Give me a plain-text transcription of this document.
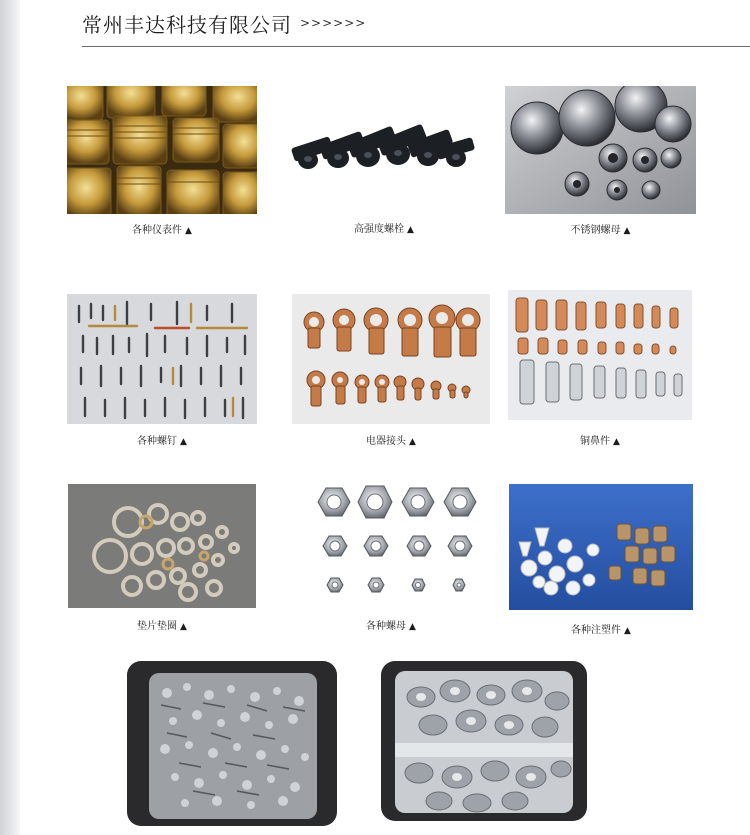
常州丰达科技有限公司 >>>>>>
各种仪表件 ▲	高强度螺栓 ▲	不锈钢螺母 ▲
各种螺钉 ▲	电器接头 ▲	铜鼻件 ▲
垫片垫圈 ▲	各种螺母 ▲	各种注塑件 ▲
